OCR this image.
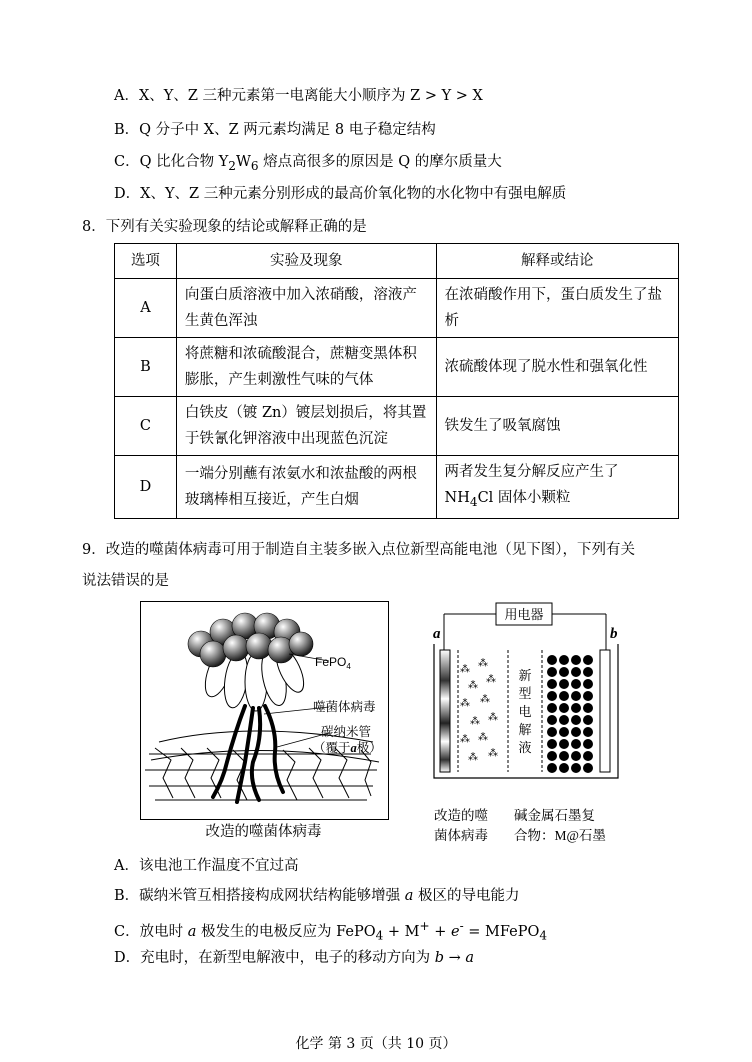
A．X、Y、Z 三种元素第一电离能大小顺序为 Z > Y > X
B．Q 分子中 X、Z 两元素均满足 8 电子稳定结构
C．Q 比化合物 $Y_2W_6$ 熔点高很多的原因是 Q 的摩尔质量大
D．X、Y、Z 三种元素分别形成的最高价氧化物的水化物中有强电解质
8．下列有关实验现象的结论或解释正确的是
选项	实验及现象	解释或结论
A	向蛋白质溶液中加入浓硝酸，溶液产生黄色浑浊	在浓硝酸作用下，蛋白质发生了盐析
B	将蔗糖和浓硫酸混合，蔗糖变黑体积膨胀，产生刺激性气味的气体	浓硫酸体现了脱水性和强氧化性
C	白铁皮（镀 Zn）镀层划损后，将其置于铁氰化钾溶液中出现蓝色沉淀	铁发生了吸氧腐蚀
D	一端分别蘸有浓氨水和浓盐酸的两根玻璃棒相互接近，产生白烟	两者发生复分解反应产生了 $NH_4Cl$ 固体小颗粒
9．改造的噬菌体病毒可用于制造自主装多嵌入点位新型高能电池（见下图），下列有关
说法错误的是
FePO$_4$
噬菌体病毒
碳纳米管
（覆于a极）
改造的噬菌体病毒
用电器
a	b
⁂
⁂
⁂
⁂
⁂ ⁂
⁂ ⁂
⁂ ⁂
⁂ ⁂
新
型
电
解
液
改造的噬
菌体病毒
碱金属石墨复
合物：M@石墨
A．该电池工作温度不宜过高
B．碳纳米管互相搭接构成网状结构能够增强 a 极区的导电能力
C．放电时 a 极发生的电极反应为 FePO$_4$ + M+ + e- = MFePO$_4$
D．充电时，在新型电解液中，电子的移动方向为 b → a
化学 第 3 页（共 10 页）
